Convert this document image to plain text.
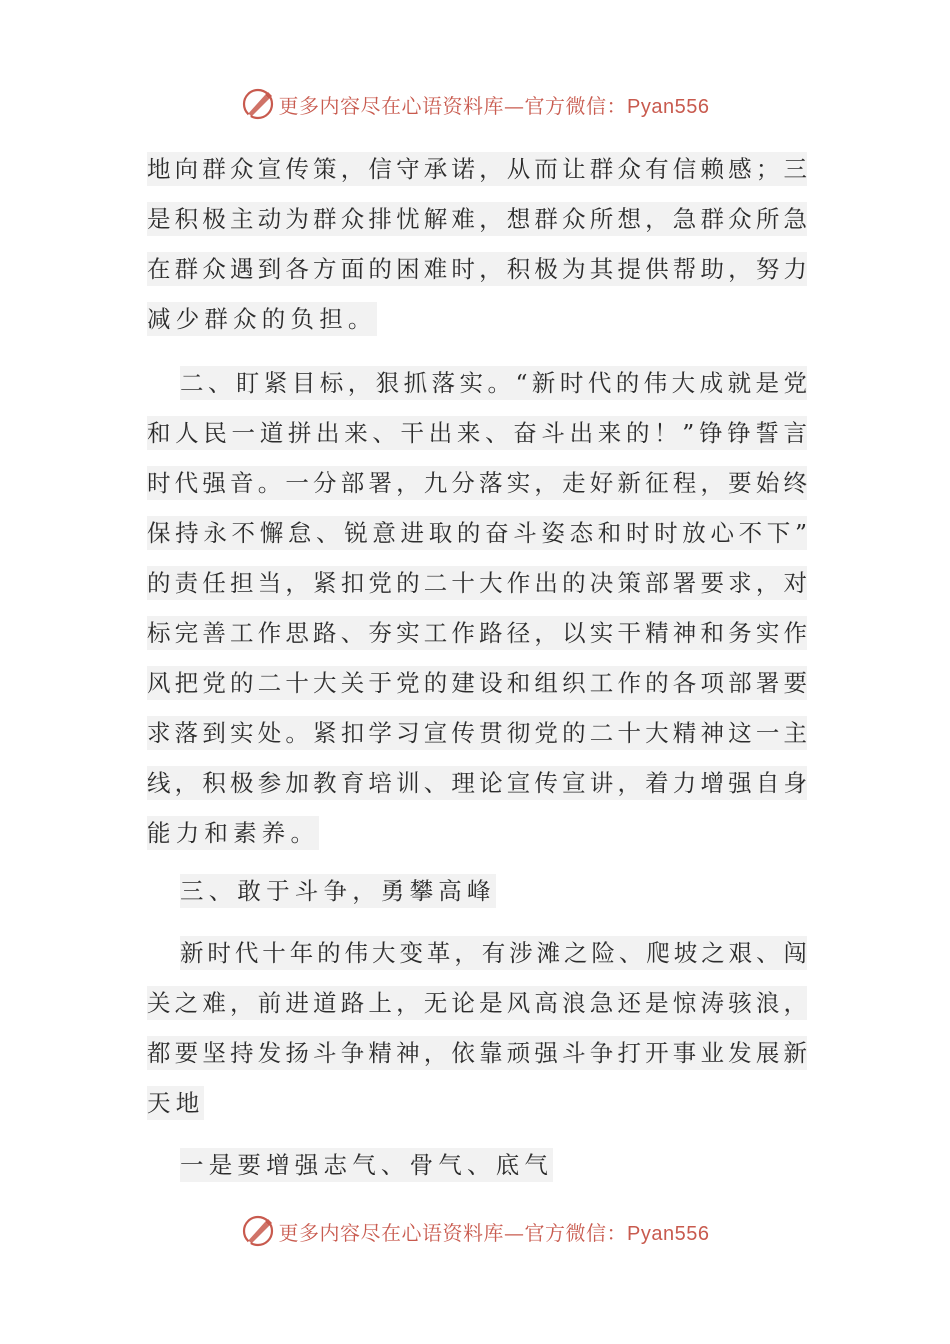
更多内容尽在心语资料库—官方微信：Pyan556
地向群众宣传策，信守承诺，从而让群众有信赖感；三
是积极主动为群众排忧解难，想群众所想，急群众所急
在群众遇到各方面的困难时，积极为其提供帮助，努力
减少群众的负担。
二、盯紧目标，狠抓落实。“新时代的伟大成就是党
和人民一道拼出来、干出来、奋斗出来的！”铮铮誓言
时代强音。一分部署，九分落实，走好新征程，要始终
保持永不懈怠、锐意进取的奋斗姿态和时时放心不下”
的责任担当，紧扣党的二十大作出的决策部署要求，对
标完善工作思路、夯实工作路径，以实干精神和务实作
风把党的二十大关于党的建设和组织工作的各项部署要
求落到实处。紧扣学习宣传贯彻党的二十大精神这一主
线，积极参加教育培训、理论宣传宣讲，着力增强自身
能力和素养。
三、敢于斗争，勇攀高峰
新时代十年的伟大变革，有涉滩之险、爬坡之艰、闯
关之难，前进道路上，无论是风高浪急还是惊涛骇浪，
都要坚持发扬斗争精神，依靠顽强斗争打开事业发展新
天地
一是要增强志气、骨气、底气
更多内容尽在心语资料库—官方微信：Pyan556
